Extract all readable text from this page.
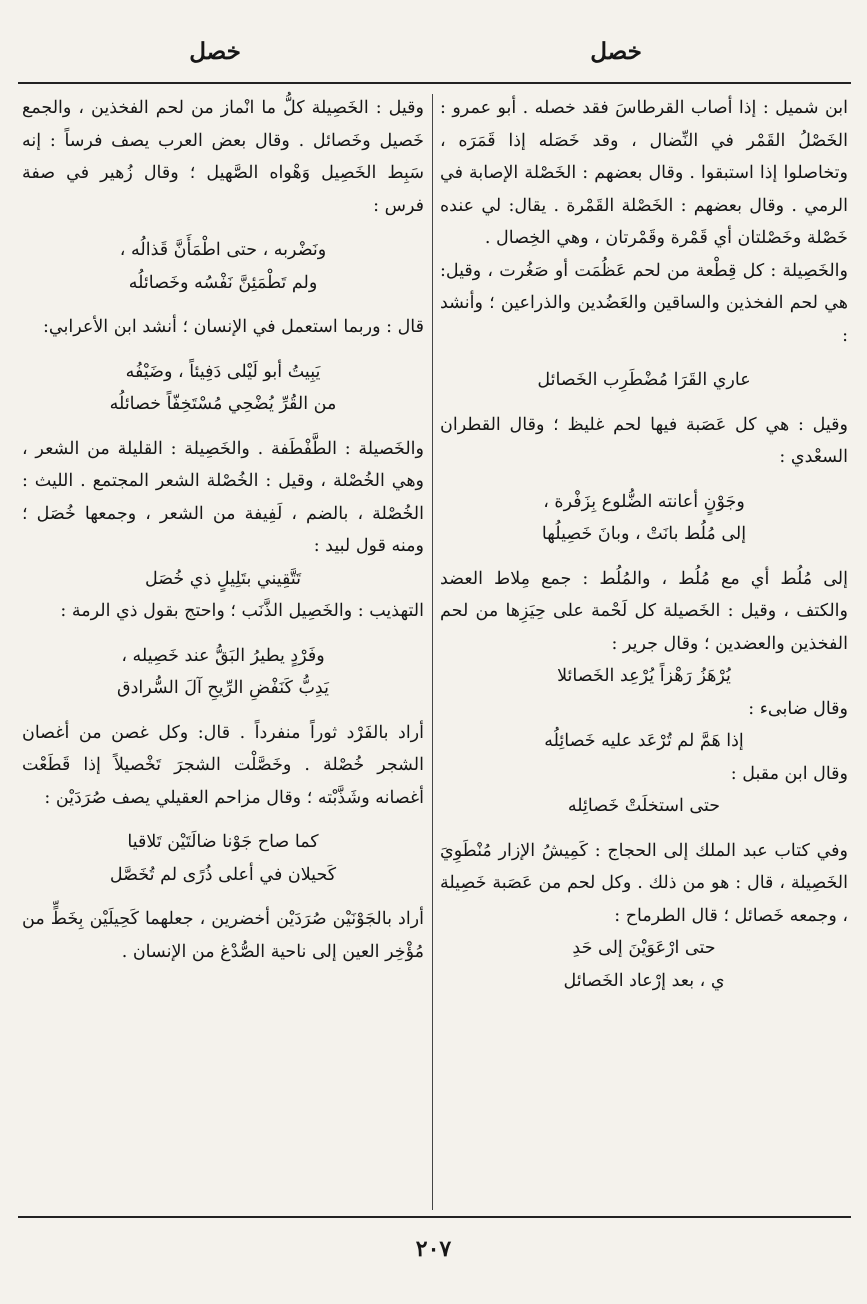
خصل
خصل

ابن شميل : إذا أصاب القرطاسَ فقد خصله . أبو عمرو : الخَصْلُ القَمْر في النِّضال ، وقد خَصَله إذا قَمَرَه ، وتخاصلوا إذا استبقوا . وقال بعضهم : الخَصْلة الإصابة في الرمي . وقال بعضهم : الخَصْلة القَمْرة . يقال: لي عنده خَصْلة وخَصْلتان أي قَمْرة وقَمْرتان ، وهي الخِصال .

والخَصِيلة : كل قِطْعة من لحم عَظُمَت أو صَغُرت ، وقيل: هي لحم الفخذين والساقين والعَضُدين والذراعين ؛ وأنشد :

عاري القَرَا مُضْطَرِب الخَصائل

وقيل : هي كل عَصَبة فيها لحم غليظ ؛ وقال القطران السعْدي :

وجَوْنٍ أعانته الضُّلوع بِزَفْرة ،
إلى مُلُط بانَتْ ، وبانَ خَصِيلُها

إلى مُلُط أي مع مُلُط ، والمُلُط : جمع مِلاط العضد والكتف ، وقيل : الخَصيلة كل لَحْمة على حِيَزِها من لحم الفخذين والعضدين ؛ وقال جرير :

يُرْهَزُ رَهْزاً يُرْعِد الخَصائلا

وقال ضابىء :

إذا هَمَّ لم تُرْعَد عليه خَصائِلُه

وقال ابن مقبل :

حتى استخلَتْ خَصائِله

وفي كتاب عبد الملك إلى الحجاج : كَمِيشُ الإزار مُنْطَوِيَ الخَصِيلة ، قال : هو من ذلك . وكل لحم من عَصَبة خَصِيلة ، وجمعه خَصائل ؛ قال الطرماح :

حتى ارْعَوَيْنَ إلى حَدِ
ي ، بعد إرْعاد الخَصائل

وقيل : الخَصِيلة كلُّ ما انْماز من لحم الفخذين ، والجمع خَصيل وخَصائل . وقال بعض العرب يصف فرساً : إنه سَبِط الخَصِيل وَهْواه الصَّهيل ؛ وقال زُهير في صفة فرس :

ونَضْربه ، حتى اطْمَأَنَّ قَذالُه ،
ولم تَطْمَئِنَّ نَفْسُه وخَصائلُه

قال : وربما استعمل في الإنسان ؛ أنشد ابن الأعرابي:

يَبِيتُ أبو لَيْلى دَفِيئاً ، وضَيْفُه
من القُرِّ يُضْحِي مُسْتَخِفّاً خصائلُه

والخَصيلة : الطَّفْطَفة . والخَصِيلة : القليلة من الشعر ، وهي الخُصْلة ، وقيل : الخُصْلة الشعر المجتمع . الليث : الخُصْلة ، بالضم ، لَفِيفة من الشعر ، وجمعها خُصَل ؛ ومنه قول لبيد :

تَتَّقِيني بتَلِيلٍ ذي خُصَل

التهذيب : والخَصِيل الذَّنَب ؛ واحتج بقول ذي الرمة :

وفَرْدٍ يطيرُ البَقُّ عند خَصِيله ،
يَدِبُّ كَنَفْضِ الرِّيحِ آلَ السُّرادق

أراد بالفَرْد ثوراً منفرداً . قال: وكل غصن من أغصان الشجر خُصْلة . وخَصَّلْت الشجرَ تَخْصيلاً إذا قَطَعْت أغصانه وشَذَّبْته ؛ وقال مزاحم العقيلي يصف صُرَدَيْن :

كما صاح جَوْنا ضالَتَيْن تَلاقيا
كَحيلان في أعلى ذُرًى لم تُخَصَّل

أراد بالجَوْنَيْن صُرَدَيْن أخضرين ، جعلهما كَحِيلَيْن بِخَطٍّ من مُؤْخِر العين إلى ناحية الصُّدْغ من الإنسان .

٢٠٧
